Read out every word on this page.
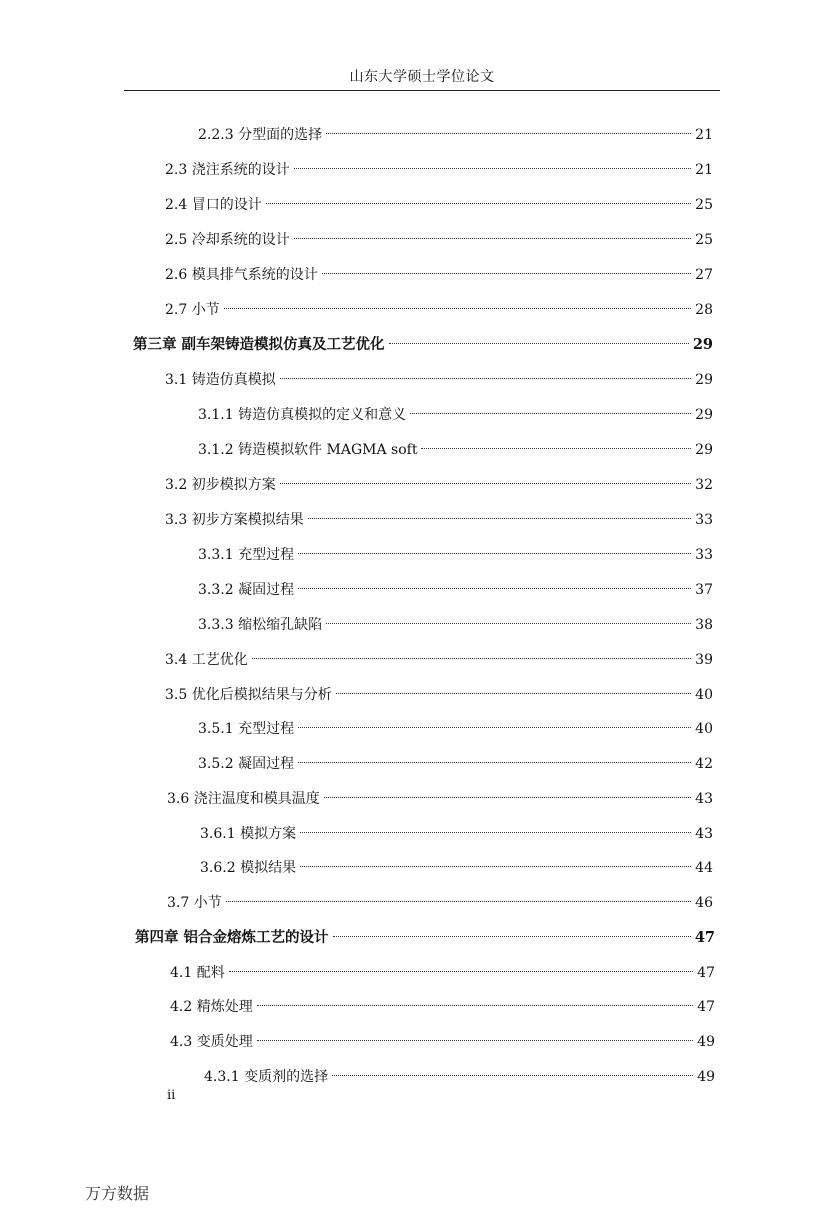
山东大学硕士学位论文
2.2.3 分型面的选择	21
2.3 浇注系统的设计	21
2.4 冒口的设计	25
2.5 冷却系统的设计	25
2.6 模具排气系统的设计	27
2.7 小节	28
第三章 副车架铸造模拟仿真及工艺优化	29
3.1 铸造仿真模拟	29
3.1.1 铸造仿真模拟的定义和意义	29
3.1.2 铸造模拟软件 MAGMA soft	29
3.2 初步模拟方案	32
3.3 初步方案模拟结果	33
3.3.1 充型过程	33
3.3.2 凝固过程	37
3.3.3 缩松缩孔缺陷	38
3.4 工艺优化	39
3.5 优化后模拟结果与分析	40
3.5.1 充型过程	40
3.5.2 凝固过程	42
3.6 浇注温度和模具温度	43
3.6.1 模拟方案	43
3.6.2 模拟结果	44
3.7 小节	46
第四章 铝合金熔炼工艺的设计	47
4.1 配料	47
4.2 精炼处理	47
4.3 变质处理	49
4.3.1 变质剂的选择	49
ii
万方数据
